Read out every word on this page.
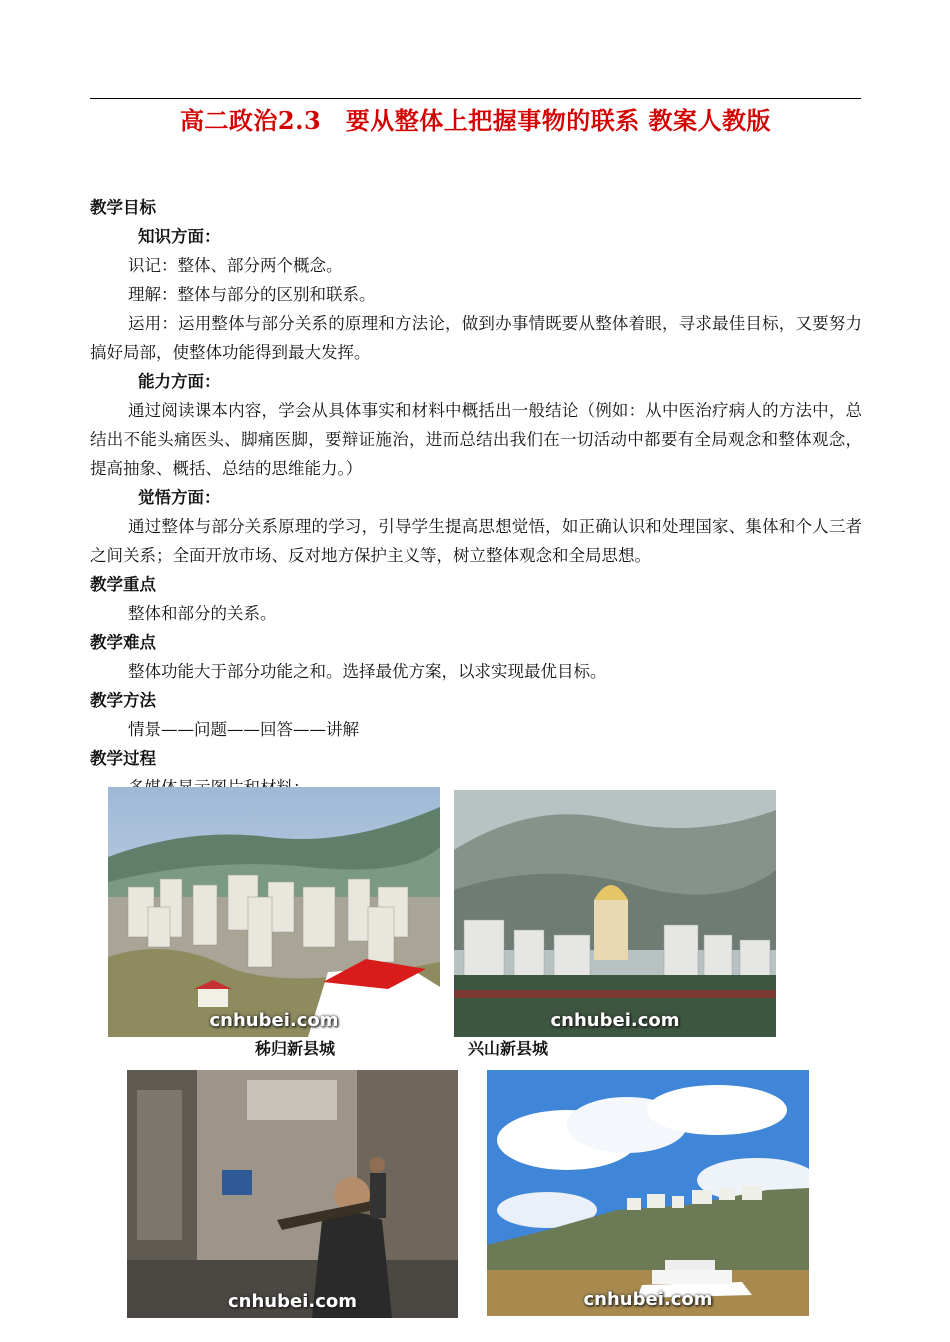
高二政治2.3　要从整体上把握事物的联系 教案人教版
教学目标
知识方面：
识记：整体、部分两个概念。
理解：整体与部分的区别和联系。
运用：运用整体与部分关系的原理和方法论，做到办事情既要从整体着眼，寻求最佳目标，又要努力搞好局部，使整体功能得到最大发挥。
能力方面：
通过阅读课本内容，学会从具体事实和材料中概括出一般结论（例如：从中医治疗病人的方法中，总结出不能头痛医头、脚痛医脚，要辩证施治，进而总结出我们在一切活动中都要有全局观念和整体观念，提高抽象、概括、总结的思维能力。）
觉悟方面：
通过整体与部分关系原理的学习，引导学生提高思想觉悟，如正确认识和处理国家、集体和个人三者之间关系；全面开放市场、反对地方保护主义等，树立整体观念和全局思想。
教学重点
整体和部分的关系。
教学难点
整体功能大于部分功能之和。选择最优方案，以求实现最优目标。
教学方法
情景——问题——回答——讲解
教学过程
cnhubei.com	cnhubei.com
秭归新县城	兴山新县城
cnhubei.com	cnhubei.com
